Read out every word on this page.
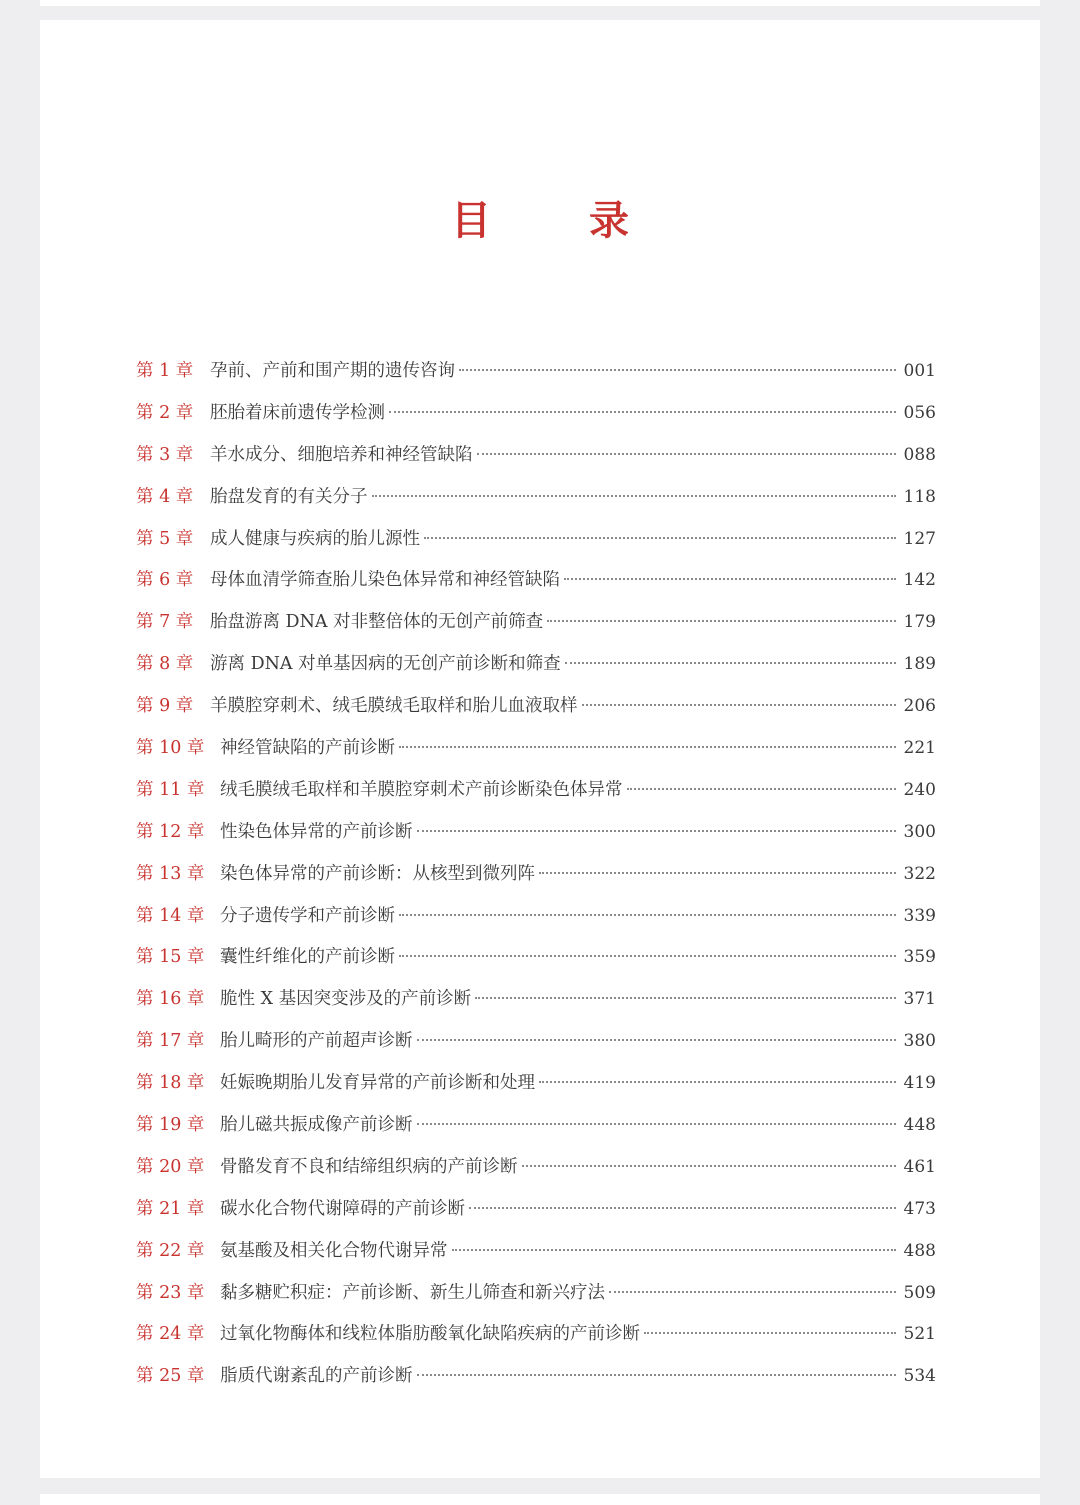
目 录
第 1 章 孕前、产前和围产期的遗传咨询	001
第 2 章 胚胎着床前遗传学检测	056
第 3 章 羊水成分、细胞培养和神经管缺陷	088
第 4 章 胎盘发育的有关分子	118
第 5 章 成人健康与疾病的胎儿源性	127
第 6 章 母体血清学筛查胎儿染色体异常和神经管缺陷	142
第 7 章 胎盘游离 DNA 对非整倍体的无创产前筛查	179
第 8 章 游离 DNA 对单基因病的无创产前诊断和筛查	189
第 9 章 羊膜腔穿刺术、绒毛膜绒毛取样和胎儿血液取样	206
第 10 章 神经管缺陷的产前诊断	221
第 11 章 绒毛膜绒毛取样和羊膜腔穿刺术产前诊断染色体异常	240
第 12 章 性染色体异常的产前诊断	300
第 13 章 染色体异常的产前诊断：从核型到微列阵	322
第 14 章 分子遗传学和产前诊断	339
第 15 章 囊性纤维化的产前诊断	359
第 16 章 脆性 X 基因突变涉及的产前诊断	371
第 17 章 胎儿畸形的产前超声诊断	380
第 18 章 妊娠晚期胎儿发育异常的产前诊断和处理	419
第 19 章 胎儿磁共振成像产前诊断	448
第 20 章 骨骼发育不良和结缔组织病的产前诊断	461
第 21 章 碳水化合物代谢障碍的产前诊断	473
第 22 章 氨基酸及相关化合物代谢异常	488
第 23 章 黏多糖贮积症：产前诊断、新生儿筛查和新兴疗法	509
第 24 章 过氧化物酶体和线粒体脂肪酸氧化缺陷疾病的产前诊断	521
第 25 章 脂质代谢紊乱的产前诊断	534
